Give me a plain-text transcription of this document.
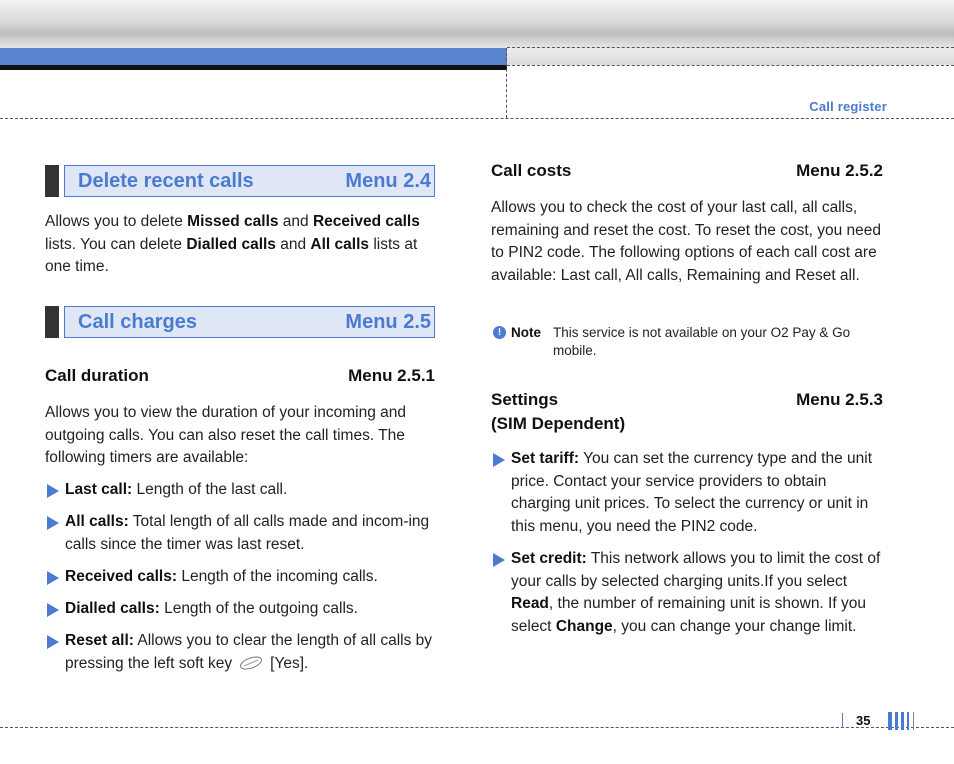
Call register
Delete recent calls	Menu 2.4

Allows you to delete Missed calls and Received calls lists. You can delete Dialled calls and All calls lists at one time.

Call charges	Menu 2.5
Call duration	Menu 2.5.1

Allows you to view the duration of your incoming and outgoing calls. You can also reset the call times. The following timers are available:

Last call: Length of the last call.
All calls: Total length of all calls made and incom-ing calls since the timer was last reset.
Received calls: Length of the incoming calls.
Dialled calls: Length of the outgoing calls.
Reset all: Allows you to clear the length of all calls by pressing the left soft key [Yes].
Call costs	Menu 2.5.2

Allows you to check the cost of your last call, all calls, remaining and reset the cost. To reset the cost, you need to PIN2 code. The following options of each call cost are available: Last call, All calls, Remaining and Reset all.

! Note This service is not available on your O2 Pay & Go mobile.
Settings
(SIM Dependent)
Menu 2.5.3
Set tariff: You can set the currency type and the unit price. Contact your service providers to obtain charging unit prices. To select the currency or unit in this menu, you need the PIN2 code.
Set credit: This network allows you to limit the cost of your calls by selected charging units.If you select Read, the number of remaining unit is shown. If you select Change, you can change your change limit.
35
